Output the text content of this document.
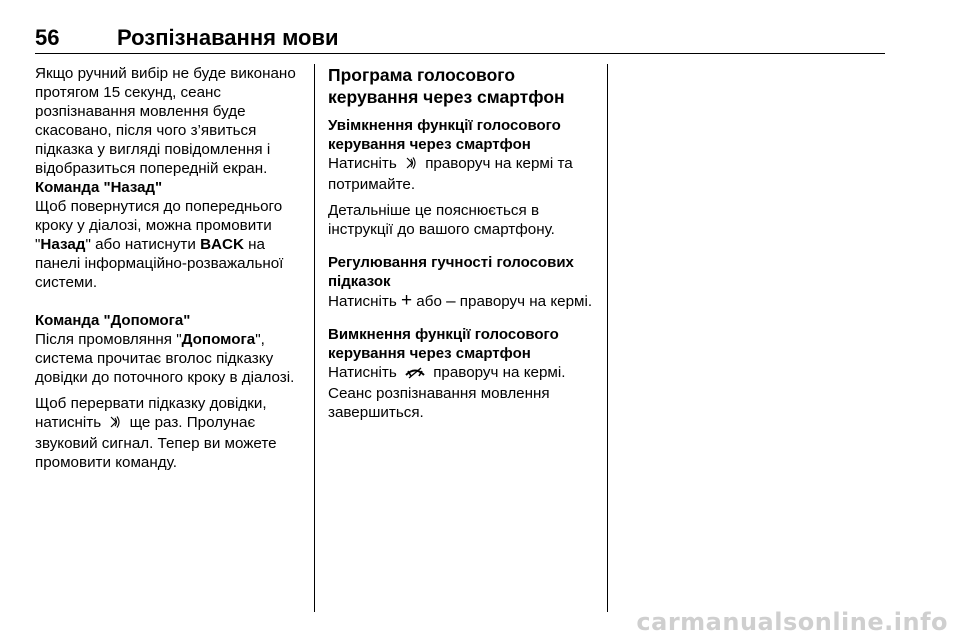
56	Розпізнавання мови

Якщо ручний вибір не буде виконано протягом 15 секунд, сеанс розпізнавання мовлення буде скасовано, після чого з’явиться підказка у вигляді повідомлення і відобразиться попередній екран.

Команда "Назад"

Щоб повернутися до попереднього кроку у діалозі, можна промовити "Назад" або натиснути BACK на панелі інформаційно-розважальної системи.

Команда "Допомога"

Після промовляння "Допомога", система прочитає вголос підказку довідки до поточного кроку в діалозі.

Щоб перервати підказку довідки, натисніть  ще раз. Пролунає звуковий сигнал. Тепер ви можете промовити команду.

Програма голосового керування через смартфон

Увімкнення функції голосового керування через смартфон

Натисніть  праворуч на кермі та потримайте.

Детальніше це пояснюється в інструкції до вашого смартфону.

Регулювання гучності голосових підказок

Натисніть + або – праворуч на кермі.

Вимкнення функції голосового керування через смартфон

Натисніть  праворуч на кермі. Сеанс розпізнавання мовлення завершиться.

carmanualsonline.info
